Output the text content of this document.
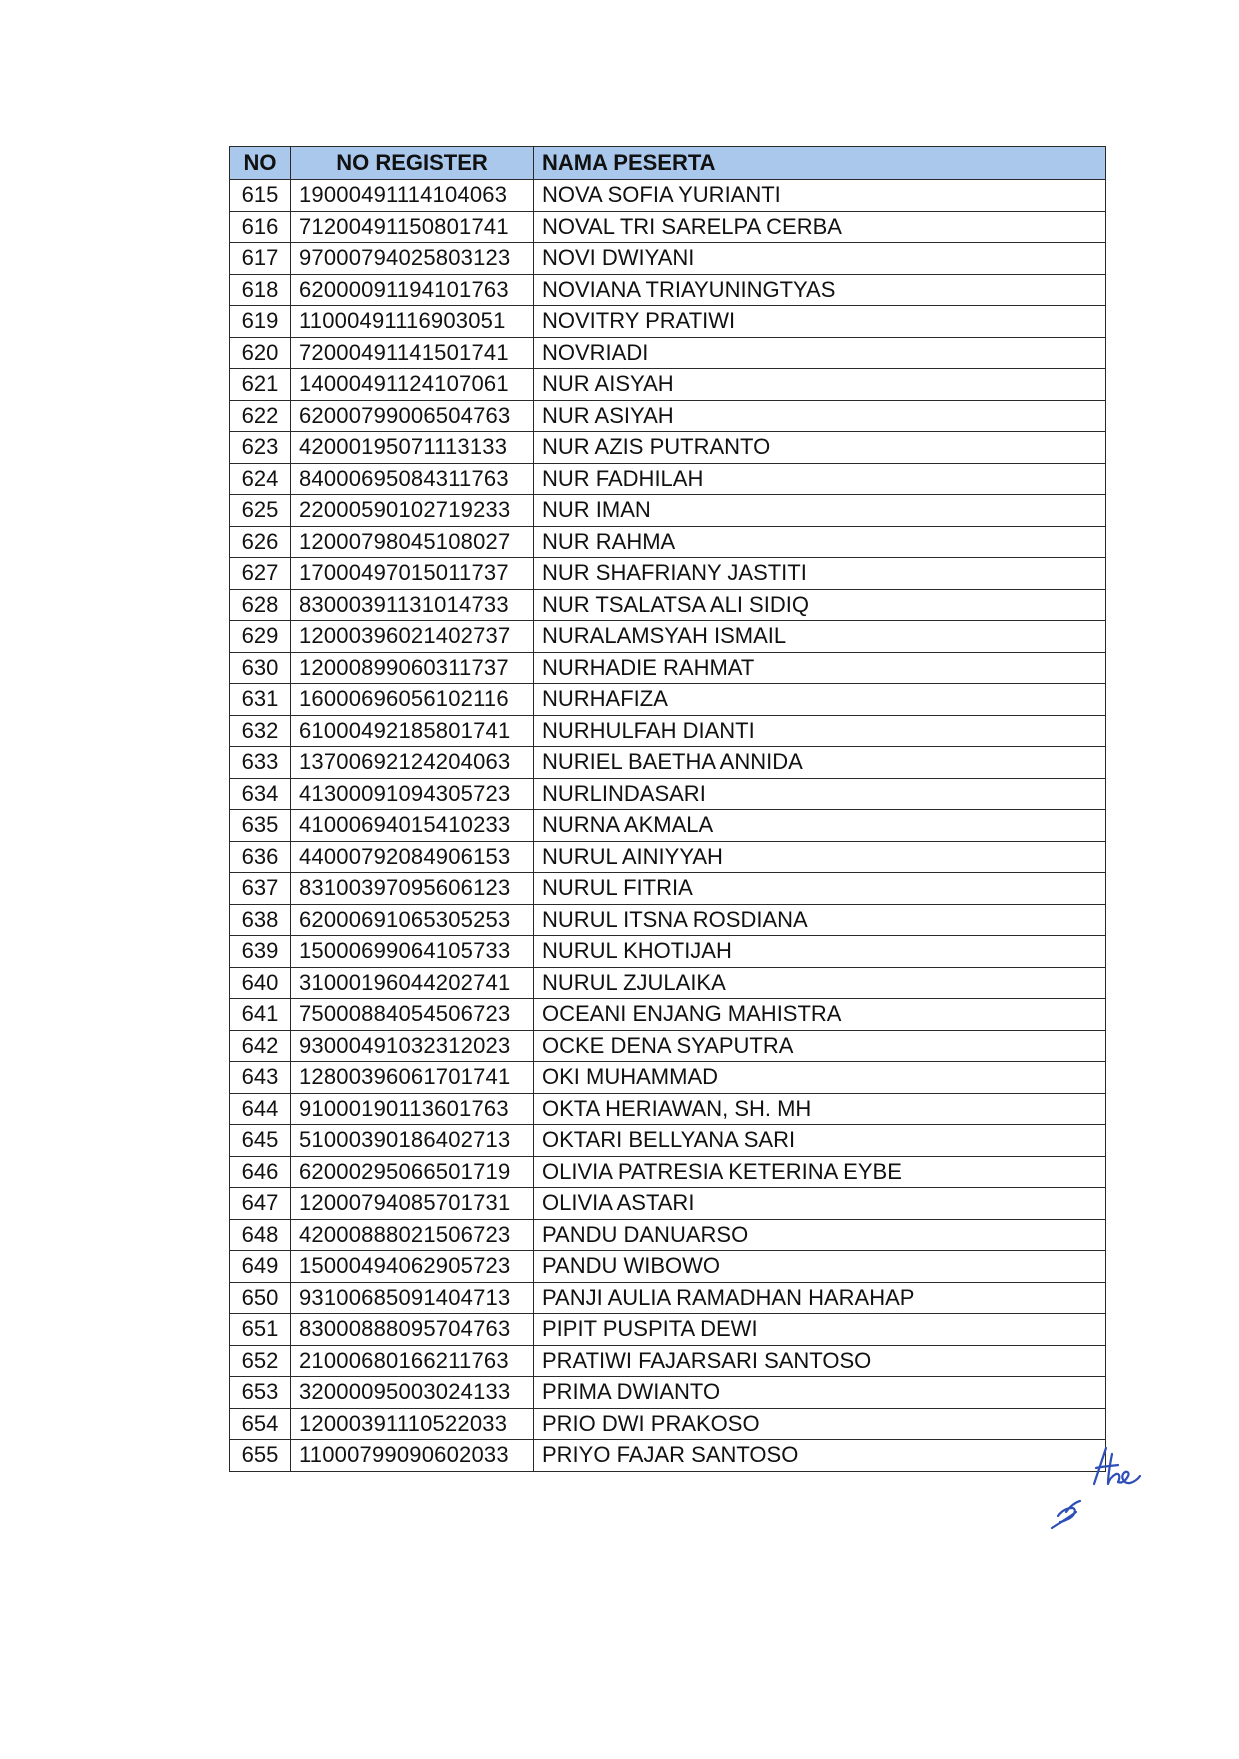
NO	NO REGISTER	NAMA PESERTA
615	19000491114104063	NOVA SOFIA YURIANTI
616	71200491150801741	NOVAL TRI SARELPA CERBA
617	97000794025803123	NOVI DWIYANI
618	62000091194101763	NOVIANA TRIAYUNINGTYAS
619	11000491116903051	NOVITRY PRATIWI
620	72000491141501741	NOVRIADI
621	14000491124107061	NUR AISYAH
622	62000799006504763	NUR ASIYAH
623	42000195071113133	NUR AZIS PUTRANTO
624	84000695084311763	NUR FADHILAH
625	22000590102719233	NUR IMAN
626	12000798045108027	NUR RAHMA
627	17000497015011737	NUR SHAFRIANY JASTITI
628	83000391131014733	NUR TSALATSA ALI SIDIQ
629	12000396021402737	NURALAMSYAH ISMAIL
630	12000899060311737	NURHADIE RAHMAT
631	16000696056102116	NURHAFIZA
632	61000492185801741	NURHULFAH DIANTI
633	13700692124204063	NURIEL BAETHA ANNIDA
634	41300091094305723	NURLINDASARI
635	41000694015410233	NURNA AKMALA
636	44000792084906153	NURUL AINIYYAH
637	83100397095606123	NURUL FITRIA
638	62000691065305253	NURUL ITSNA ROSDIANA
639	15000699064105733	NURUL KHOTIJAH
640	31000196044202741	NURUL ZJULAIKA
641	75000884054506723	OCEANI ENJANG MAHISTRA
642	93000491032312023	OCKE DENA SYAPUTRA
643	12800396061701741	OKI MUHAMMAD
644	91000190113601763	OKTA HERIAWAN, SH. MH
645	51000390186402713	OKTARI BELLYANA SARI
646	62000295066501719	OLIVIA PATRESIA KETERINA EYBE
647	12000794085701731	OLIVIA ASTARI
648	42000888021506723	PANDU DANUARSO
649	15000494062905723	PANDU WIBOWO
650	93100685091404713	PANJI AULIA RAMADHAN HARAHAP
651	83000888095704763	PIPIT PUSPITA DEWI
652	21000680166211763	PRATIWI FAJARSARI SANTOSO
653	32000095003024133	PRIMA DWIANTO
654	12000391110522033	PRIO DWI PRAKOSO
655	11000799090602033	PRIYO FAJAR SANTOSO
